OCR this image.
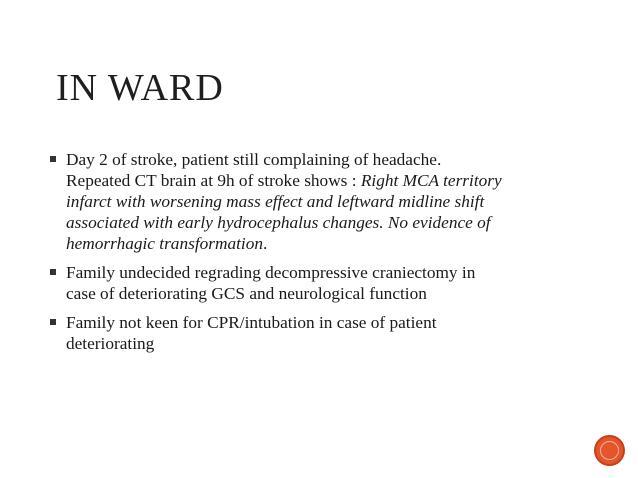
IN WARD
Day 2 of stroke, patient still complaining of headache.
Repeated CT brain at 9h of stroke shows : Right MCA territory
infarct with worsening mass effect and leftward midline shift
associated with early hydrocephalus changes. No evidence of
hemorrhagic transformation.
Family undecided regrading decompressive craniectomy in
case of deteriorating GCS and neurological function
Family not keen for CPR/intubation in case of patient
deteriorating
